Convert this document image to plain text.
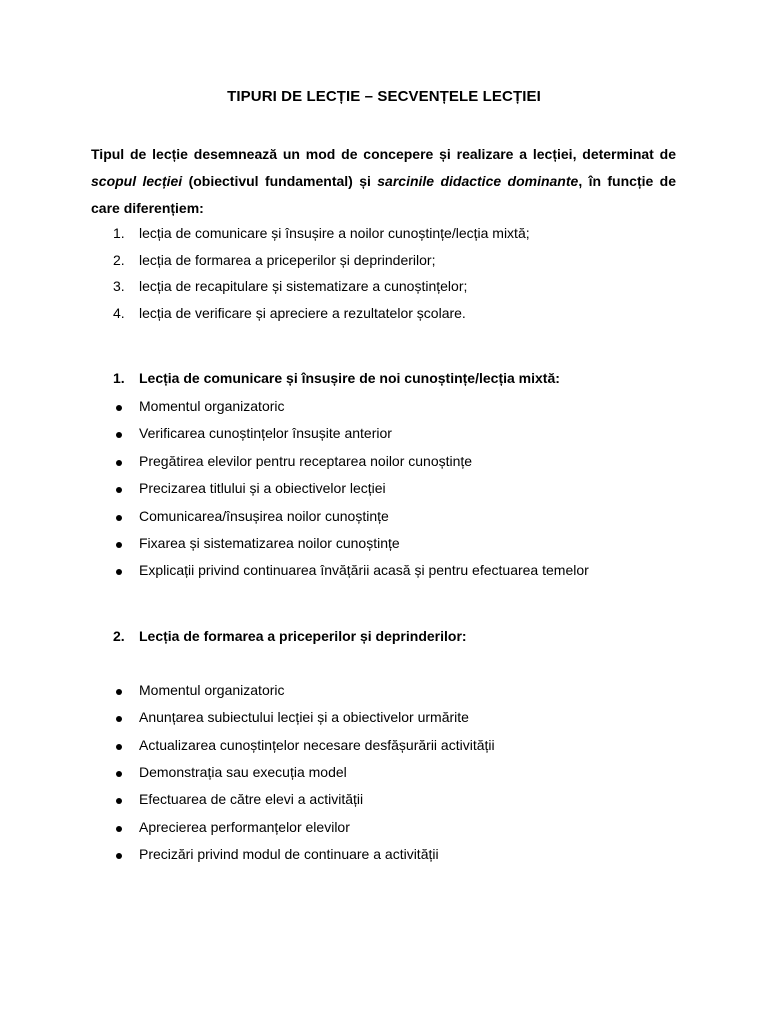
TIPURI DE LECȚIE – SECVENȚELE LECȚIEI
Tipul de lecție desemnează un mod de concepere și realizare a lecției, determinat de scopul lecției (obiectivul fundamental) și sarcinile didactice dominante, în funcție de care diferențiem:
1. lecția de comunicare și însușire a noilor cunoștințe/lecția mixtă;
2. lecția de formarea a priceperilor și deprinderilor;
3. lecția de recapitulare și sistematizare a cunoștințelor;
4. lecția de verificare și apreciere a rezultatelor școlare.
1. Lecția de comunicare și însușire de noi cunoștințe/lecția mixtă:
Momentul organizatoric
Verificarea cunoștințelor însușite anterior
Pregătirea elevilor pentru receptarea noilor cunoștințe
Precizarea titlului și a obiectivelor lecției
Comunicarea/însușirea noilor cunoștințe
Fixarea și sistematizarea noilor cunoștințe
Explicații privind continuarea învățării acasă și pentru efectuarea temelor
2. Lecția de formarea a priceperilor și deprinderilor:
Momentul organizatoric
Anunțarea subiectului lecției și a obiectivelor urmărite
Actualizarea cunoștințelor necesare desfășurării activității
Demonstrația sau execuția model
Efectuarea de către elevi a activității
Aprecierea performanțelor elevilor
Precizări privind modul de continuare a activității
